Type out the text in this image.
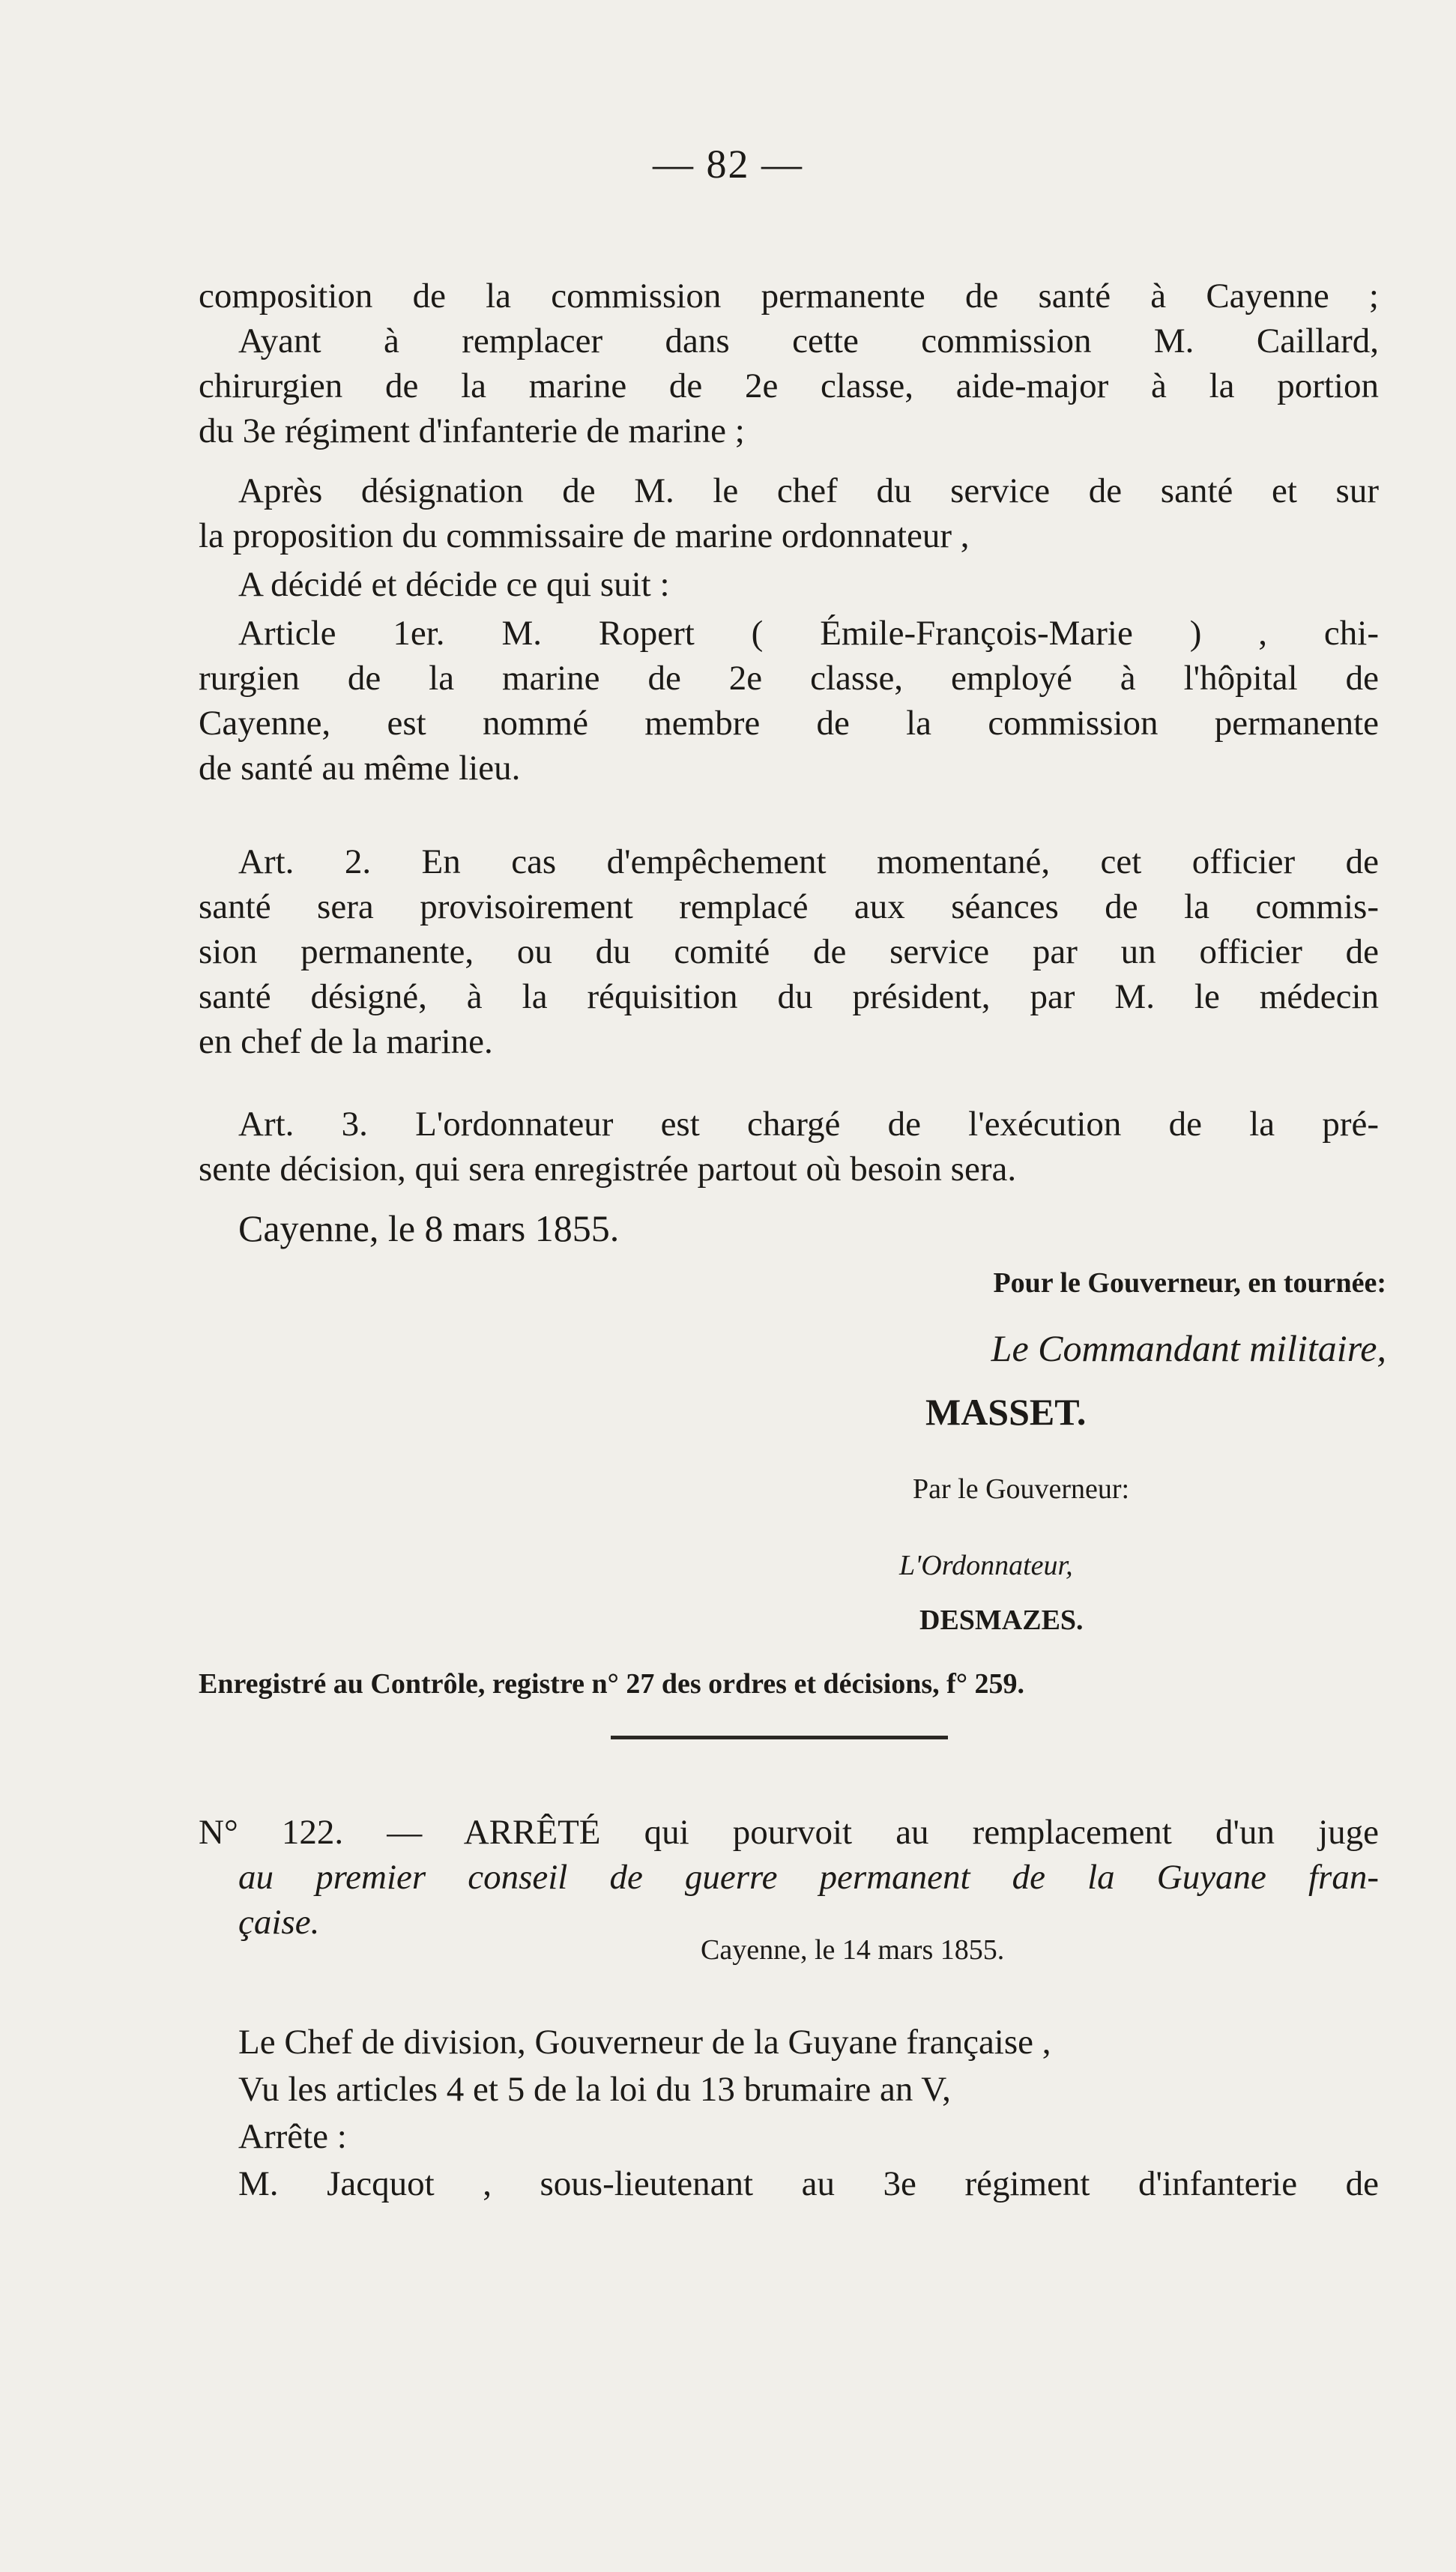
— 82 —
composition de la commission permanente de santé à Cayenne ;
Ayant à remplacer dans cette commission M. Caillard,
chirurgien de la marine de 2e classe, aide-major à la portion
du 3e régiment d'infanterie de marine ;
Après désignation de M. le chef du service de santé et sur
la proposition du commissaire de marine ordonnateur ,
A décidé et décide ce qui suit :
Article 1er. M. Ropert ( Émile-François-Marie ) , chi-
rurgien de la marine de 2e classe, employé à l'hôpital de
Cayenne, est nommé membre de la commission permanente
de santé au même lieu.
Art. 2. En cas d'empêchement momentané, cet officier de
santé sera provisoirement remplacé aux séances de la commis-
sion permanente, ou du comité de service par un officier de
santé désigné, à la réquisition du président, par M. le médecin
en chef de la marine.
Art. 3. L'ordonnateur est chargé de l'exécution de la pré-
sente décision, qui sera enregistrée partout où besoin sera.
Cayenne, le 8 mars 1855.
Pour le Gouverneur, en tournée:
Le Commandant militaire,
MASSET.
Par le Gouverneur:
L'Ordonnateur,
DESMAZES.
Enregistré au Contrôle, registre n° 27 des ordres et décisions, f° 259.
N° 122. — ARRÊTÉ qui pourvoit au remplacement d'un juge
au premier conseil de guerre permanent de la Guyane fran-
çaise.
Cayenne, le 14 mars 1855.
Le Chef de division, Gouverneur de la Guyane française ,
Vu les articles 4 et 5 de la loi du 13 brumaire an V,
Arrête :
M. Jacquot , sous-lieutenant au 3e régiment d'infanterie de
